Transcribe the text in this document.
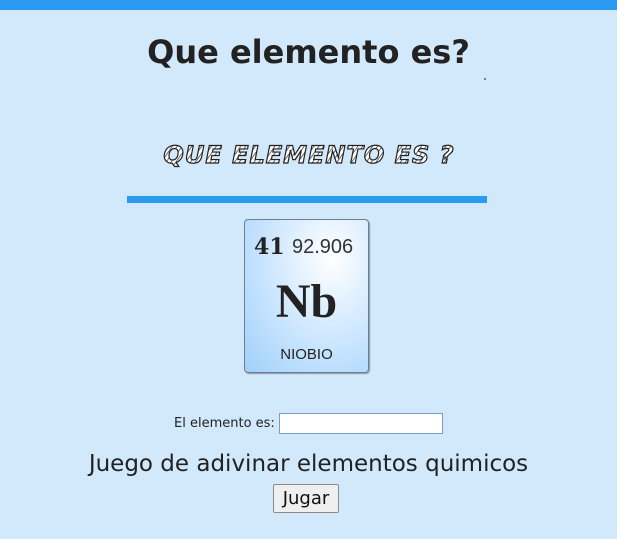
Que elemento es?
QUE ELEMENTO ES ?
41 92.906
Nb
NIOBIO
El elemento es:
Juego de adivinar elementos quimicos
Jugar
